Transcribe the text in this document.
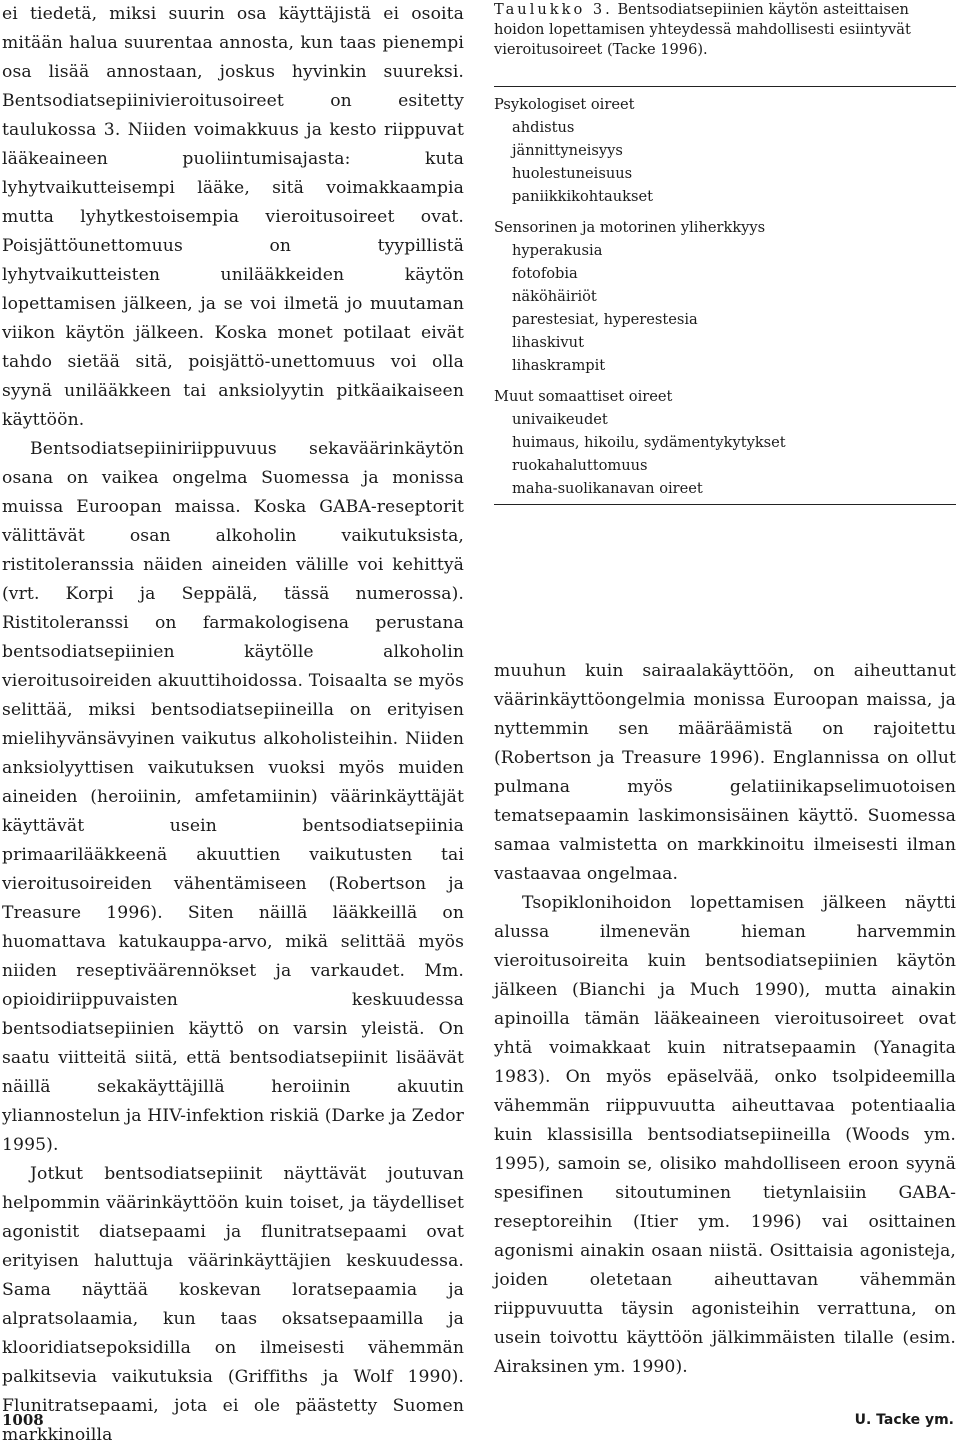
ei tiedetä, miksi suurin osa käyttäjistä ei osoita mitään halua suurentaa annosta, kun taas pienempi osa lisää annostaan, joskus hyvinkin suureksi. Bentsodiatsepiinivieroitusoireet on esitetty taulukossa 3. Niiden voimakkuus ja kesto riippuvat lääkeaineen puoliintumisajasta: kuta lyhytvaikutteisempi lääke, sitä voimakkaampia mutta lyhytkestoisempia vieroitusoireet ovat. Poisjättöunettomuus on tyypillistä lyhytvaikutteisten unilääkkeiden käytön lopettamisen jälkeen, ja se voi ilmetä jo muutaman viikon käytön jälkeen. Koska monet potilaat eivät tahdo sietää sitä, poisjättö-unettomuus voi olla syynä unilääkkeen tai anksiolyytin pitkäaikaiseen käyttöön.

Bentsodiatsepiiniriippuvuus sekaväärinkäytön osana on vaikea ongelma Suomessa ja monissa muissa Euroopan maissa. Koska GABA-reseptorit välittävät osan alkoholin vaikutuksista, ristitoleranssia näiden aineiden välille voi kehittyä (vrt. Korpi ja Seppälä, tässä numerossa). Ristitoleranssi on farmakologisena perustana bentsodiatsepiinien käytölle alkoholin vieroitusoireiden akuuttihoidossa. Toisaalta se myös selittää, miksi bentsodiatsepiineilla on erityisen mielihyvänsävyinen vaikutus alkoholisteihin. Niiden anksiolyyttisen vaikutuksen vuoksi myös muiden aineiden (heroiinin, amfetamiinin) väärinkäyttäjät käyttävät usein bentsodiatsepiinia primaarilääkkeenä akuuttien vaikutusten tai vieroitusoireiden vähentämiseen (Robertson ja Treasure 1996). Siten näillä lääkkeillä on huomattava katukauppa-arvo, mikä selittää myös niiden reseptiväärennökset ja varkaudet. Mm. opioidiriippuvaisten keskuudessa bentsodiatsepiinien käyttö on varsin yleistä. On saatu viitteitä siitä, että bentsodiatsepiinit lisäävät näillä sekakäyttäjillä heroiinin akuutin yliannostelun ja HIV-infektion riskiä (Darke ja Zedor 1995).

Jotkut bentsodiatsepiinit näyttävät joutuvan helpommin väärinkäyttöön kuin toiset, ja täydelliset agonistit diatsepaami ja flunitratsepaami ovat erityisen haluttuja väärinkäyttäjien keskuudessa. Sama näyttää koskevan loratsepaamia ja alpratsolaamia, kun taas oksatsepaamilla ja klooridiatsepoksidilla on ilmeisesti vähemmän palkitsevia vaikutuksia (Griffiths ja Wolf 1990). Flunitratsepaami, jota ei ole päästetty Suomen markkinoilla

Taulukko 3. Bentsodiatsepiinien käytön asteittaisen hoidon lopettamisen yhteydessä mahdollisesti esiintyvät vieroitusoireet (Tacke 1996).

Psykologiset oireet

ahdistus

jännittyneisyys

huolestuneisuus

paniikkikohtaukset

Sensorinen ja motorinen yliherkkyys

hyperakusia

fotofobia

näköhäiriöt

parestesiat, hyperestesia

lihaskivut

lihaskrampit

Muut somaattiset oireet

univaikeudet

huimaus, hikoilu, sydämentykytykset

ruokahaluttomuus

maha-suolikanavan oireet

muuhun kuin sairaalakäyttöön, on aiheuttanut väärinkäyttöongelmia monissa Euroopan maissa, ja nyttemmin sen määräämistä on rajoitettu (Robertson ja Treasure 1996). Englannissa on ollut pulmana myös gelatiinikapselimuotoisen tematsepaamin laskimonsisäinen käyttö. Suomessa samaa valmistetta on markkinoitu ilmeisesti ilman vastaavaa ongelmaa.

Tsopiklonihoidon lopettamisen jälkeen näytti alussa ilmenevän hieman harvemmin vieroitusoireita kuin bentsodiatsepiinien käytön jälkeen (Bianchi ja Much 1990), mutta ainakin apinoilla tämän lääkeaineen vieroitusoireet ovat yhtä voimakkaat kuin nitratsepaamin (Yanagita 1983). On myös epäselvää, onko tsolpideemilla vähemmän riippuvuutta aiheuttavaa potentiaalia kuin klassisilla bentsodiatsepiineilla (Woods ym. 1995), samoin se, olisiko mahdolliseen eroon syynä spesifinen sitoutuminen tietynlaisiin GABA-reseptoreihin (Itier ym. 1996) vai osittainen agonismi ainakin osaan niistä. Osittaisia agonisteja, joiden oletetaan aiheuttavan vähemmän riippuvuutta täysin agonisteihin verrattuna, on usein toivottu käyttöön jälkimmäisten tilalle (esim. Airaksinen ym. 1990).

1008	U. Tacke ym.
